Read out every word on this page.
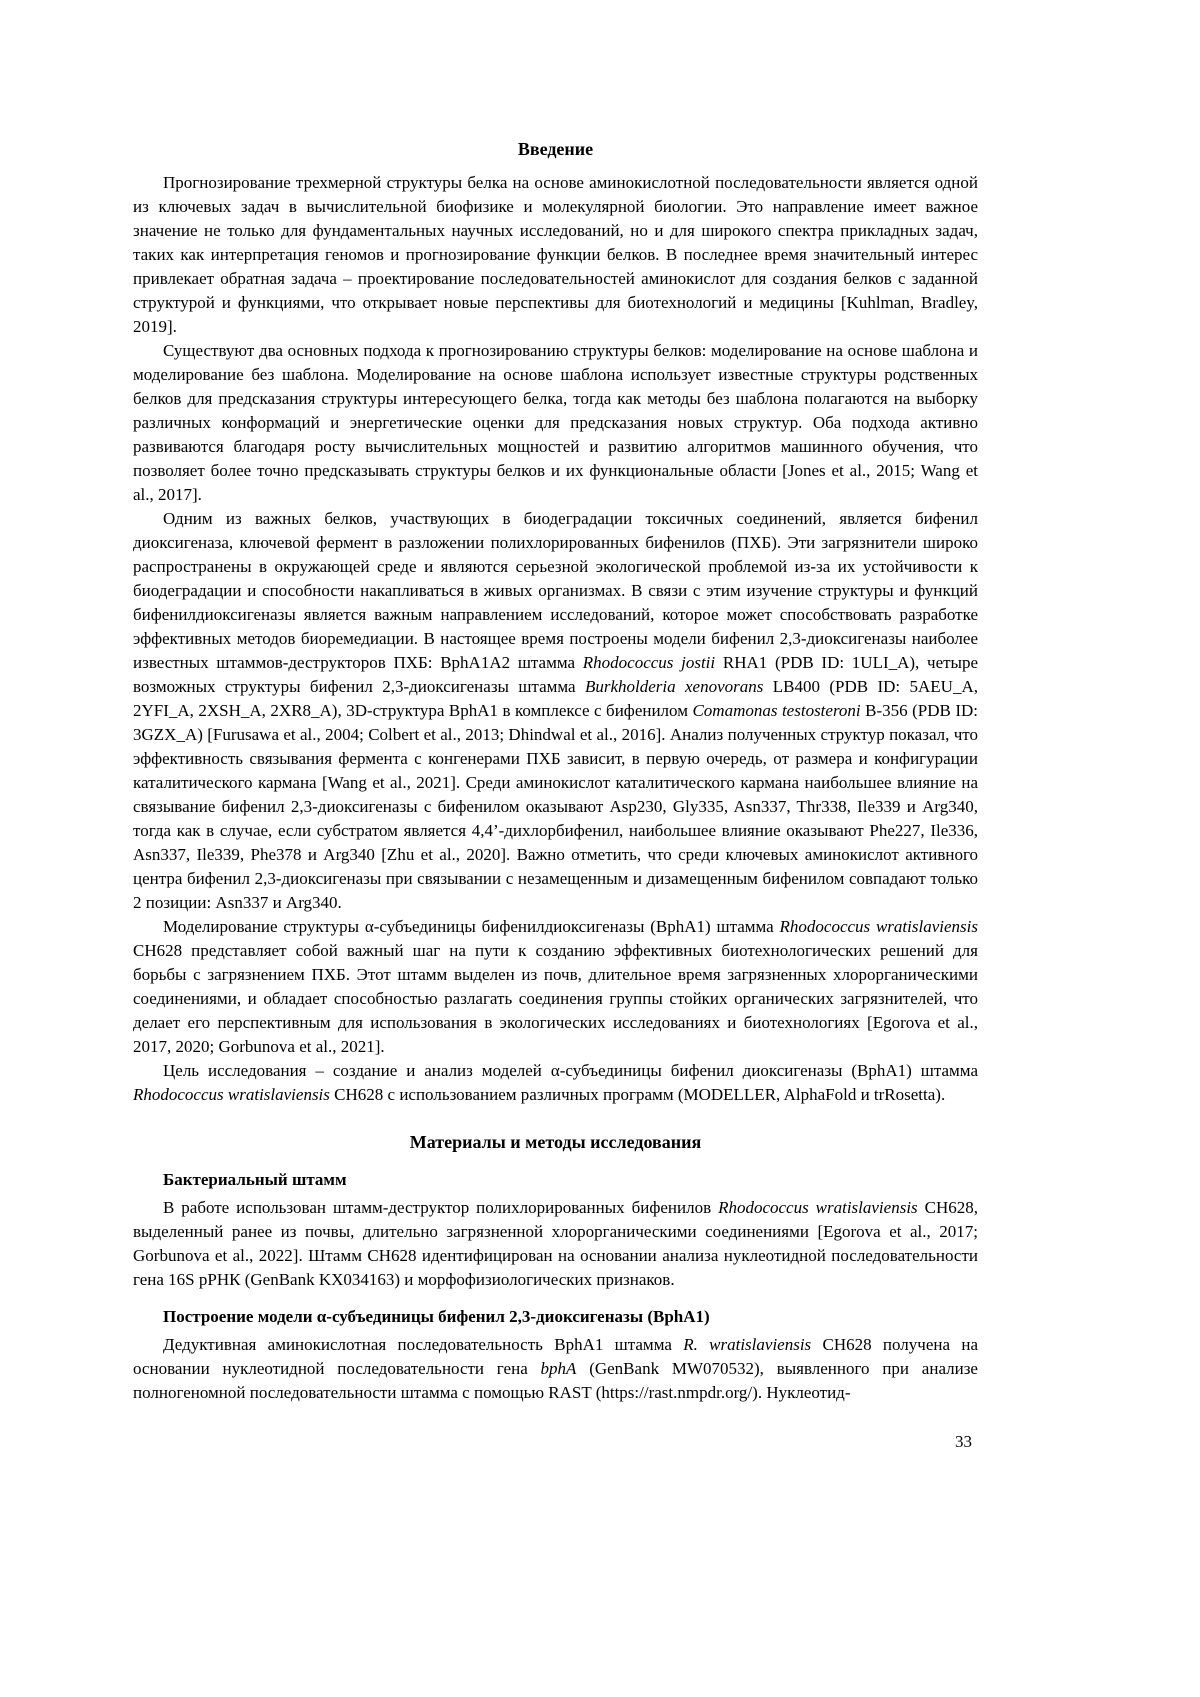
Введение

Прогнозирование трехмерной структуры белка на основе аминокислотной последовательности является одной из ключевых задач в вычислительной биофизике и молекулярной биологии. Это направление имеет важное значение не только для фундаментальных научных исследований, но и для широкого спектра прикладных задач, таких как интерпретация геномов и прогнозирование функции белков. В последнее время значительный интерес привлекает обратная задача – проектирование последовательностей аминокислот для создания белков с заданной структурой и функциями, что открывает новые перспективы для биотехнологий и медицины [Kuhlman, Bradley, 2019].

Существуют два основных подхода к прогнозированию структуры белков: моделирование на основе шаблона и моделирование без шаблона. Моделирование на основе шаблона использует известные структуры родственных белков для предсказания структуры интересующего белка, тогда как методы без шаблона полагаются на выборку различных конформаций и энергетические оценки для предсказания новых структур. Оба подхода активно развиваются благодаря росту вычислительных мощностей и развитию алгоритмов машинного обучения, что позволяет более точно предсказывать структуры белков и их функциональные области [Jones et al., 2015; Wang et al., 2017].

Одним из важных белков, участвующих в биодеградации токсичных соединений, является бифенил диоксигеназа, ключевой фермент в разложении полихлорированных бифенилов (ПХБ). Эти загрязнители широко распространены в окружающей среде и являются серьезной экологической проблемой из-за их устойчивости к биодеградации и способности накапливаться в живых организмах. В связи с этим изучение структуры и функций бифенилдиоксигеназы является важным направлением исследований, которое может способствовать разработке эффективных методов биоремедиации. В настоящее время построены модели бифенил 2,3-диоксигеназы наиболее известных штаммов-деструкторов ПХБ: BphA1A2 штамма Rhodococcus jostii RHA1 (PDB ID: 1ULI_A), четыре возможных структуры бифенил 2,3-диоксигеназы штамма Burkholderia xenovorans LB400 (PDB ID: 5AEU_A, 2YFI_A, 2XSH_A, 2XR8_A), 3D-структура BphA1 в комплексе с бифенилом Comamonas testosteroni B-356 (PDB ID: 3GZX_A) [Furusawa et al., 2004; Colbert et al., 2013; Dhindwal et al., 2016]. Анализ полученных структур показал, что эффективность связывания фермента с конгенерами ПХБ зависит, в первую очередь, от размера и конфигурации каталитического кармана [Wang et al., 2021]. Среди аминокислот каталитического кармана наибольшее влияние на связывание бифенил 2,3-диоксигеназы с бифенилом оказывают Asp230, Gly335, Asn337, Thr338, Ile339 и Arg340, тогда как в случае, если субстратом является 4,4’-дихлорбифенил, наибольшее влияние оказывают Phe227, Ile336, Asn337, Ile339, Phe378 и Arg340 [Zhu et al., 2020]. Важно отметить, что среди ключевых аминокислот активного центра бифенил 2,3-диоксигеназы при связывании с незамещенным и дизамещенным бифенилом совпадают только 2 позиции: Asn337 и Arg340.

Моделирование структуры α-субъединицы бифенилдиоксигеназы (BphA1) штамма Rhodococcus wratislaviensis CH628 представляет собой важный шаг на пути к созданию эффективных биотехнологических решений для борьбы с загрязнением ПХБ. Этот штамм выделен из почв, длительное время загрязненных хлорорганическими соединениями, и обладает способностью разлагать соединения группы стойких органических загрязнителей, что делает его перспективным для использования в экологических исследованиях и биотехнологиях [Egorova et al., 2017, 2020; Gorbunova et al., 2021].

Цель исследования – создание и анализ моделей α-субъединицы бифенил диоксигеназы (BphA1) штамма Rhodococcus wratislaviensis CH628 с использованием различных программ (MODELLER, AlphaFold и trRosetta).

Материалы и методы исследования
Бактериальный штамм

В работе использован штамм-деструктор полихлорированных бифенилов Rhodococcus wratislaviensis CH628, выделенный ранее из почвы, длительно загрязненной хлорорганическими соединениями [Egorova et al., 2017; Gorbunova et al., 2022]. Штамм CH628 идентифицирован на основании анализа нуклеотидной последовательности гена 16S рРНК (GenBank KX034163) и морфофизиологических признаков.

Построение модели α-субъединицы бифенил 2,3-диоксигеназы (BphA1)

Дедуктивная аминокислотная последовательность BphA1 штамма R. wratislaviensis CH628 получена на основании нуклеотидной последовательности гена bphA (GenBank MW070532), выявленного при анализе полногеномной последовательности штамма с помощью RAST (https://rast.nmpdr.org/). Нуклеотид-

33
